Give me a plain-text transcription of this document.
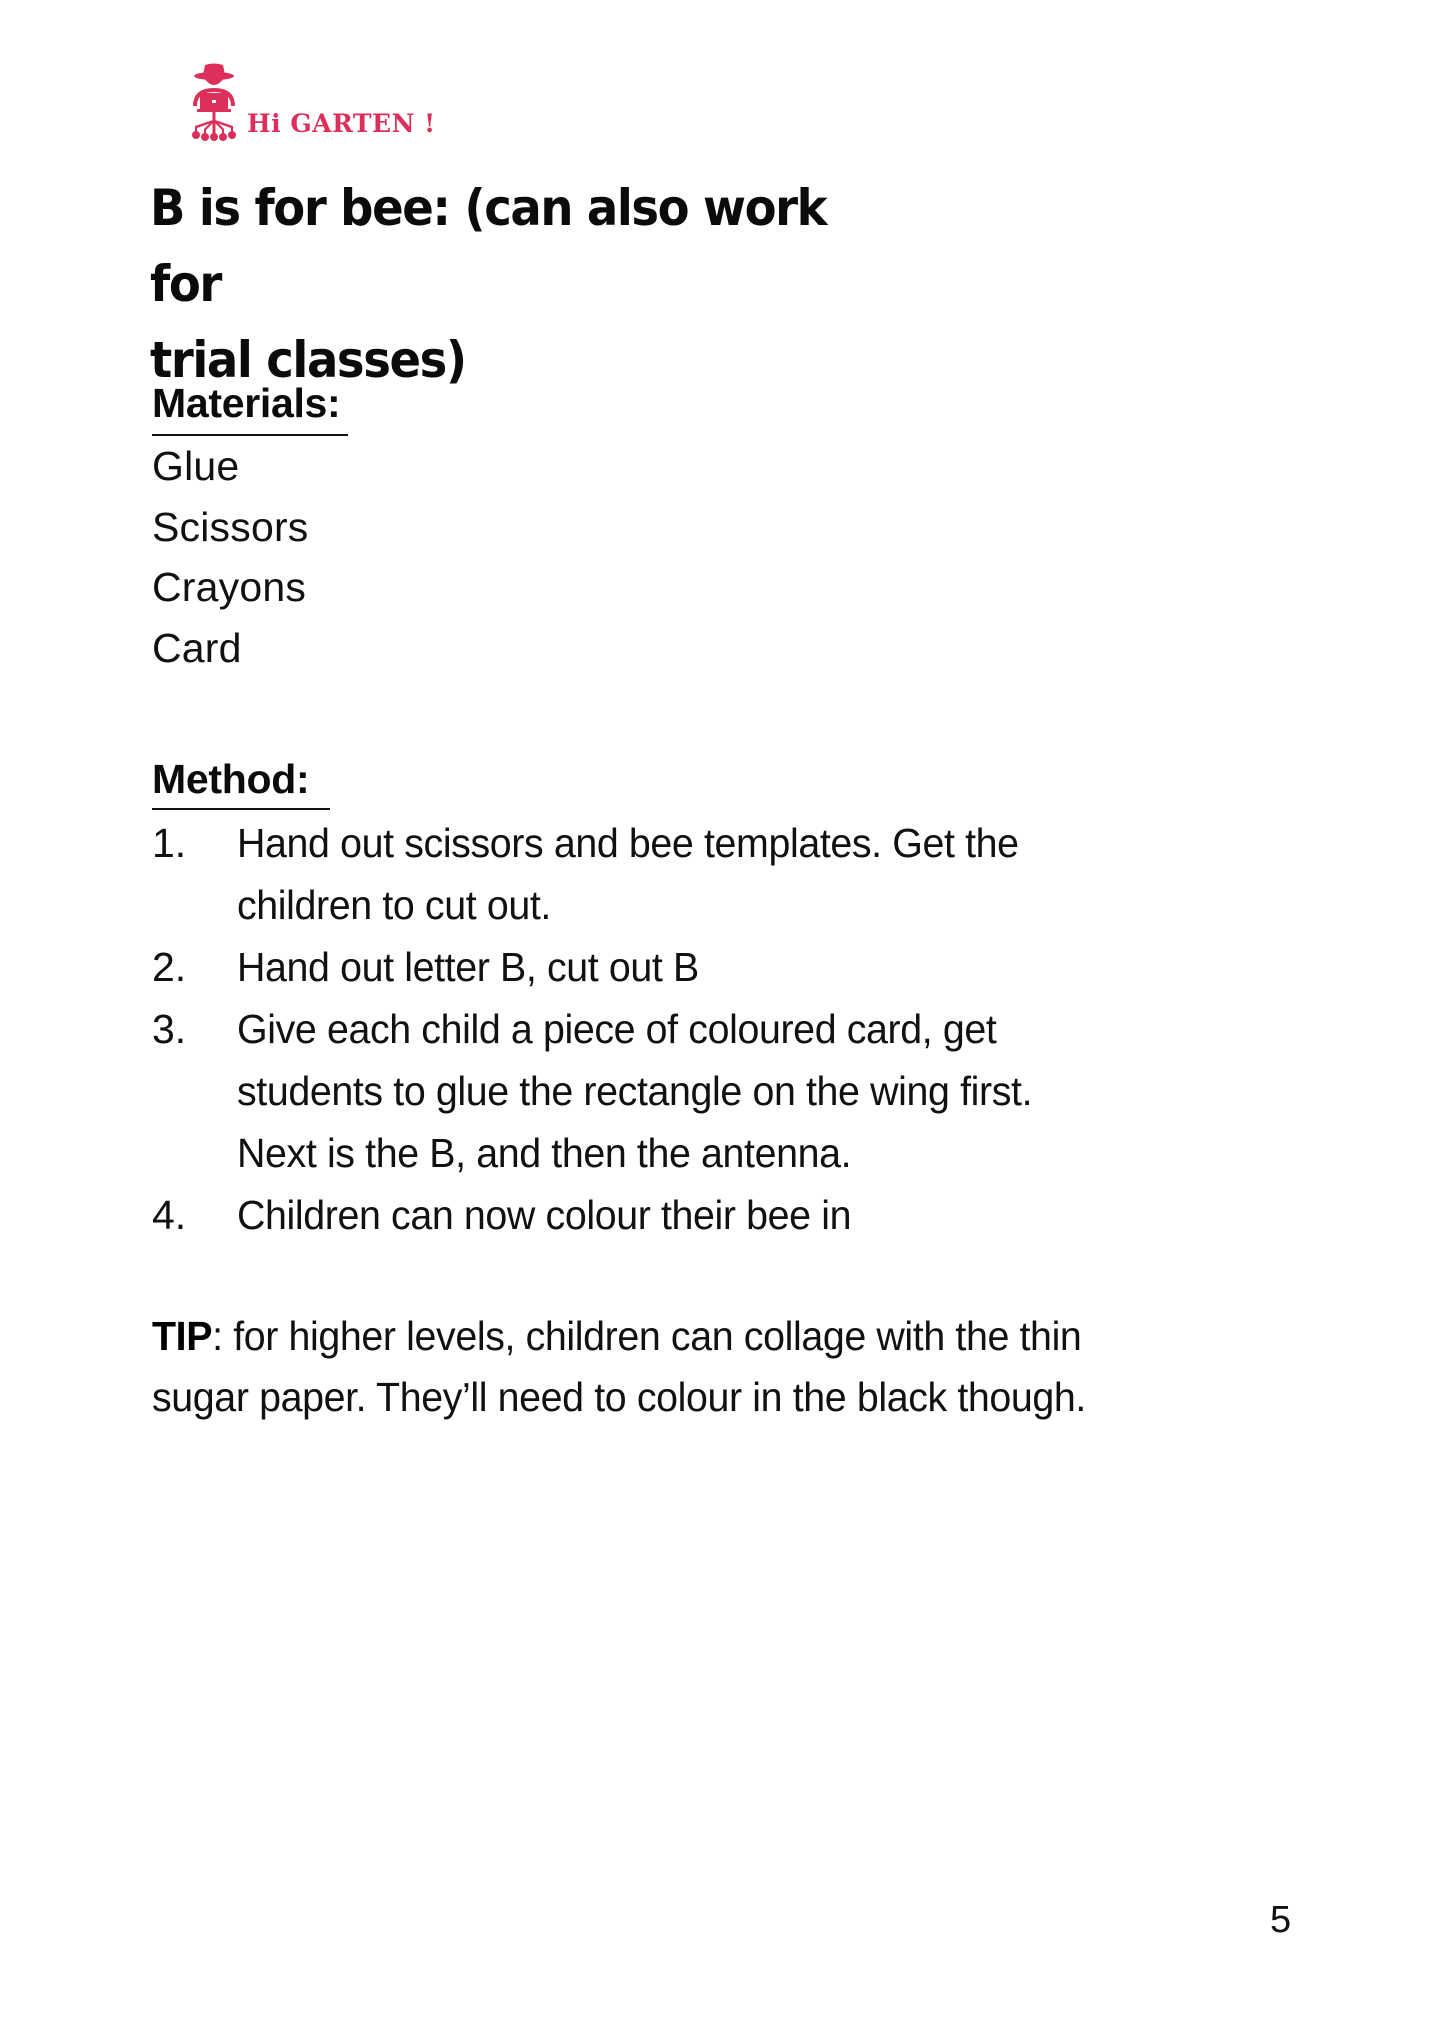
Hi GARTEN !
B is for bee: (can also work for
trial classes)
Materials:
Glue
Scissors
Crayons
Card
Method:
1.	Hand out scissors and bee templates. Get the
children to cut out.
2.	Hand out letter B, cut out B
3.	Give each child a piece of coloured card, get
students to glue the rectangle on the wing first.
Next is the B, and then the antenna.
4.	Children can now colour their bee in

TIP: for higher levels, children can collage with the thin
sugar paper. They’ll need to colour in the black though.

5
